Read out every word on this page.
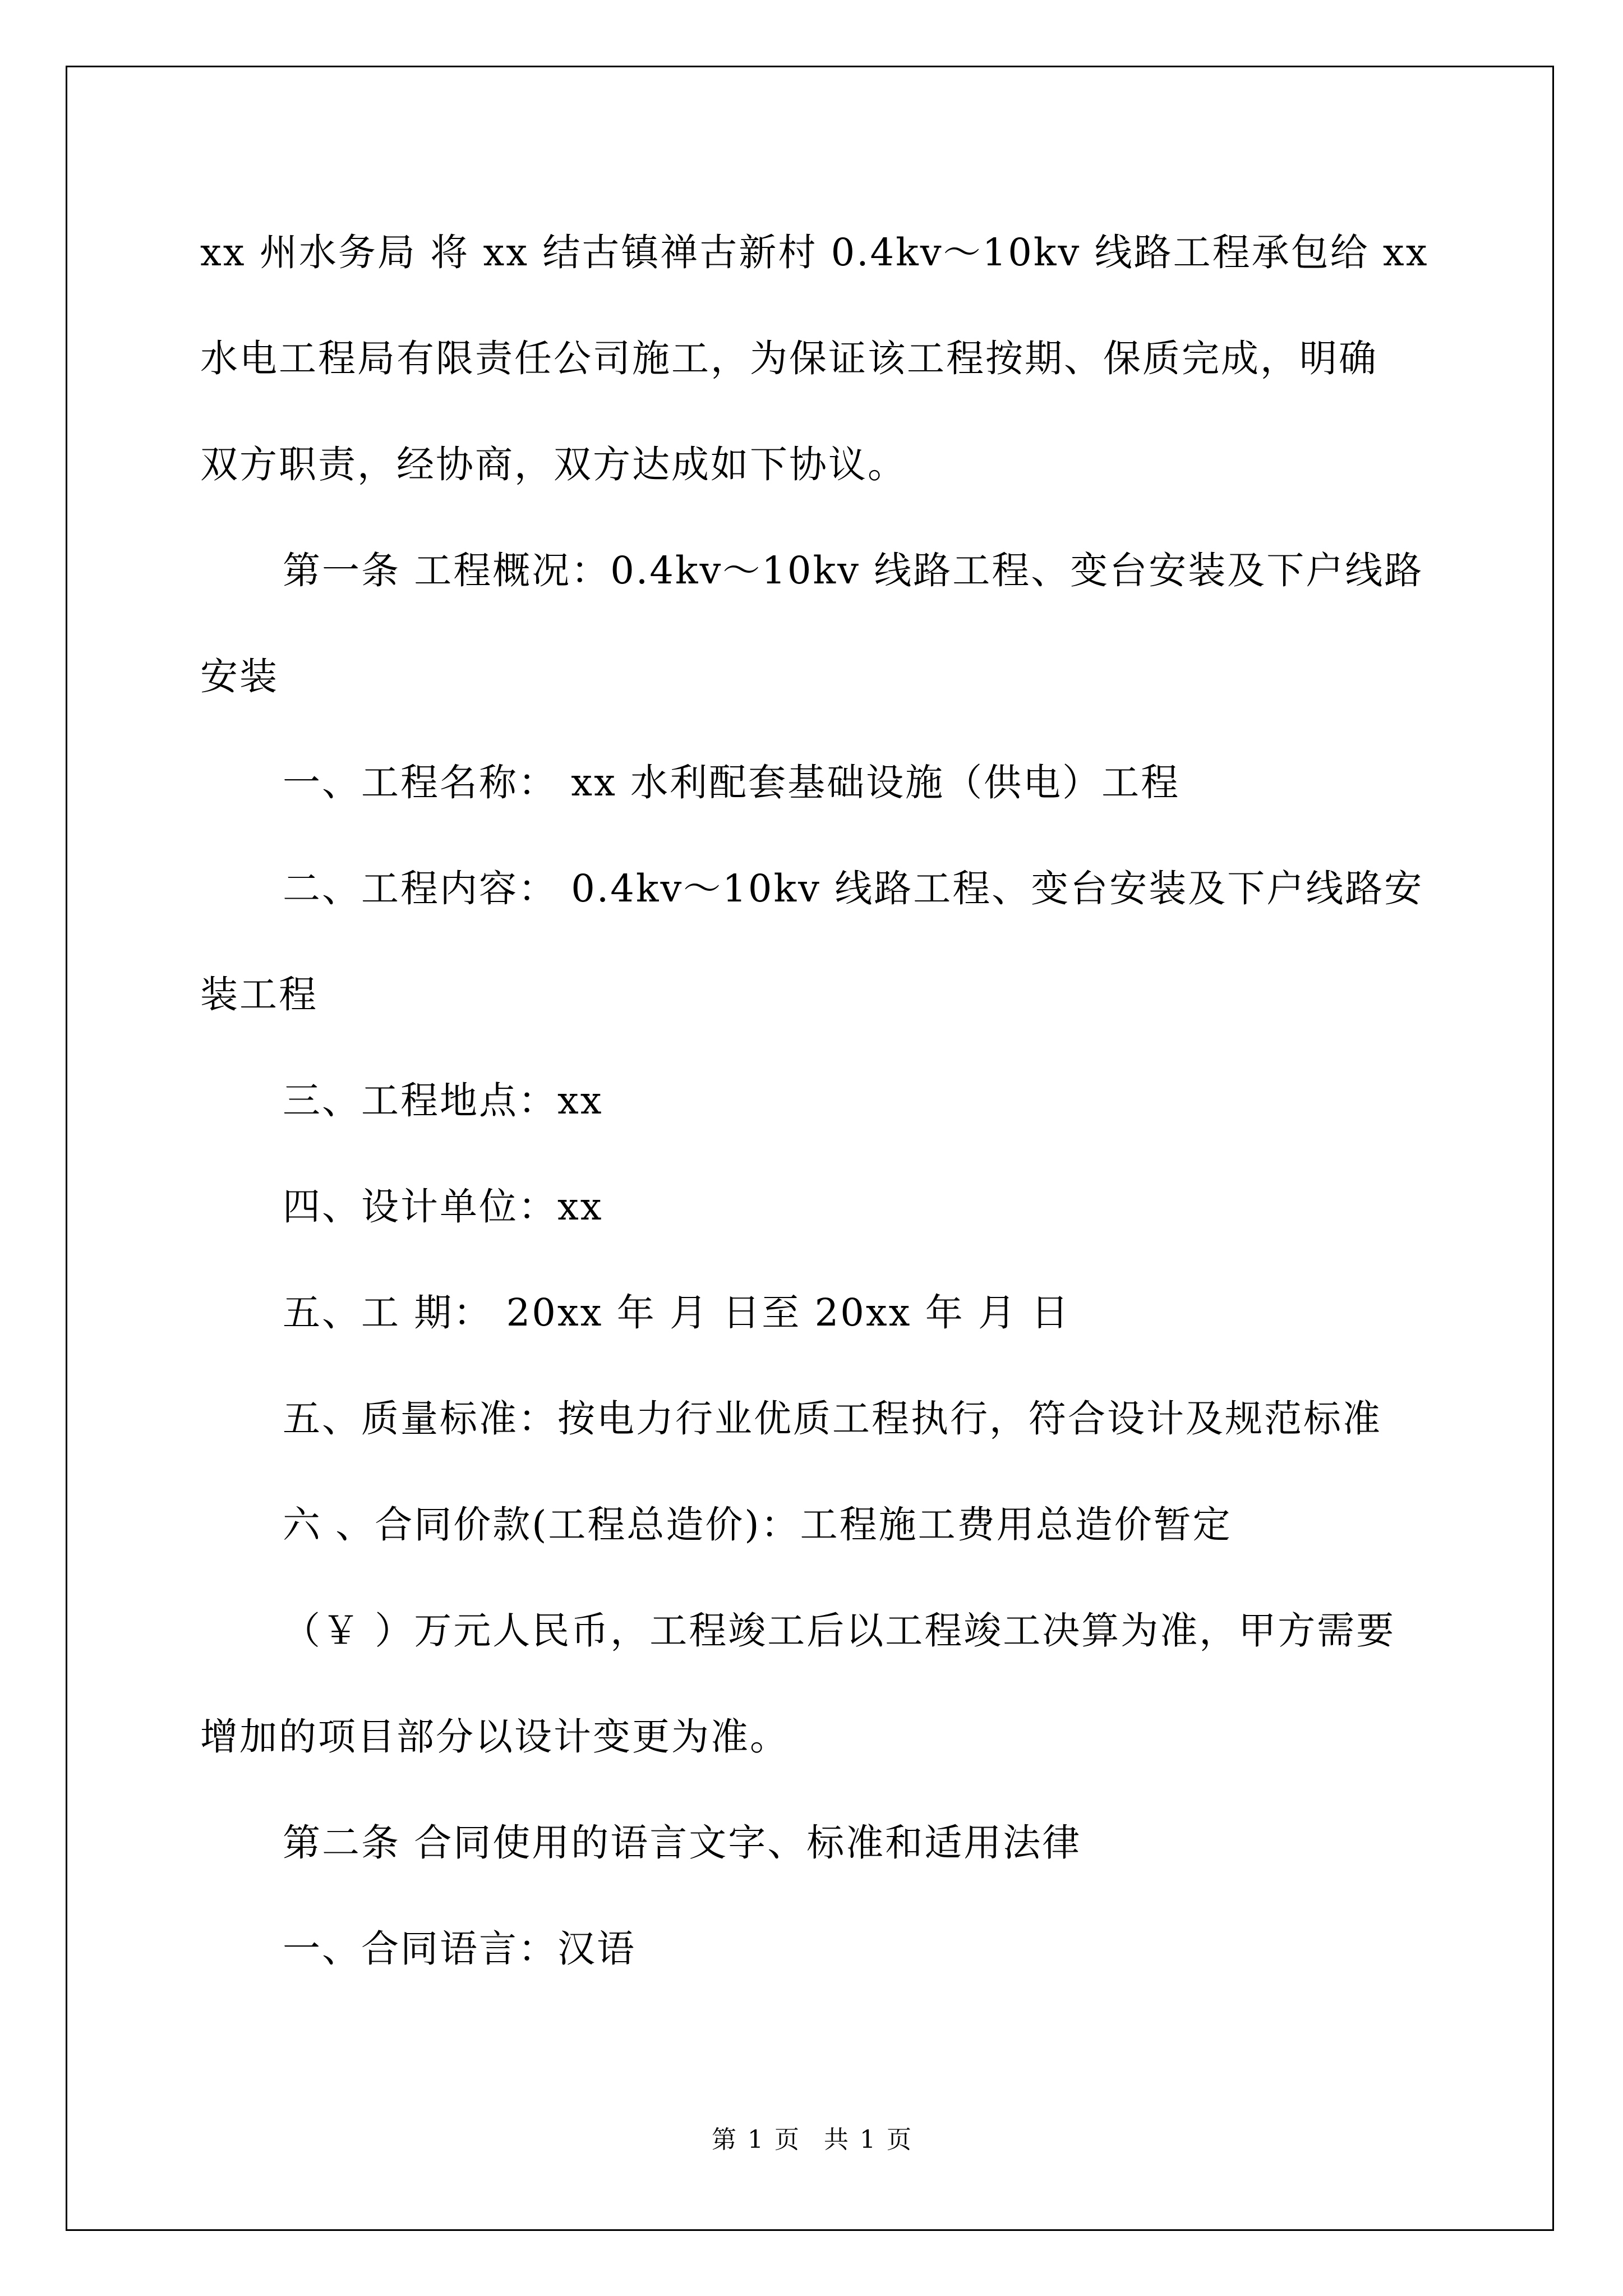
xx 州水务局 将 xx 结古镇禅古新村 0.4kv～10kv 线路工程承包给 xx
水电工程局有限责任公司施工，为保证该工程按期、保质完成，明确
双方职责，经协商，双方达成如下协议。
第一条 工程概况：0.4kv～10kv 线路工程、变台安装及下户线路
安装
一、工程名称： xx 水利配套基础设施（供电）工程
二、工程内容： 0.4kv～10kv 线路工程、变台安装及下户线路安
装工程
三、工程地点：xx
四、设计单位：xx
五、工 期： 20xx 年 月 日至 20xx 年 月 日
五、质量标准：按电力行业优质工程执行，符合设计及规范标准
六 、合同价款(工程总造价)：工程施工费用总造价暂定
（￥ ）万元人民币，工程竣工后以工程竣工决算为准，甲方需要
增加的项目部分以设计变更为准。
第二条 合同使用的语言文字、标准和适用法律
一、合同语言：汉语
第 1 页　共 1 页
